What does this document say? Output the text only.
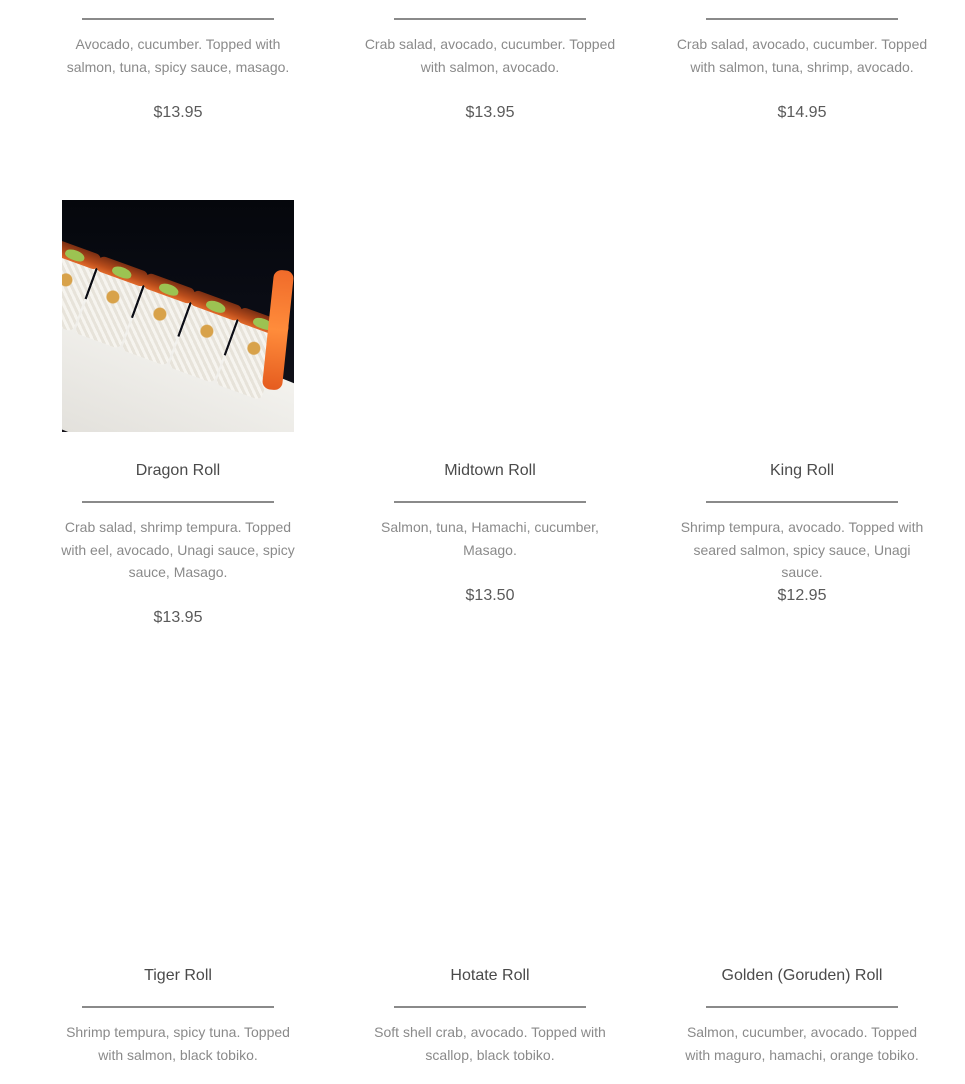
Avocado, cucumber. Topped with salmon, tuna, spicy sauce, masago.
$13.95
Crab salad, avocado, cucumber. Topped with salmon, avocado.
$13.95
Crab salad, avocado, cucumber. Topped with salmon, tuna, shrimp, avocado.
$14.95
Dragon Roll
Crab salad, shrimp tempura. Topped with eel, avocado, Unagi sauce, spicy sauce, Masago.
$13.95
Midtown Roll
Salmon, tuna, Hamachi, cucumber, Masago.
$13.50
King Roll
Shrimp tempura, avocado. Topped with seared salmon, spicy sauce, Unagi sauce.
$12.95
Tiger Roll
Shrimp tempura, spicy tuna. Topped with salmon, black tobiko.
Hotate Roll
Soft shell crab, avocado. Topped with scallop, black tobiko.
Golden (Goruden) Roll
Salmon, cucumber, avocado. Topped with maguro, hamachi, orange tobiko.
